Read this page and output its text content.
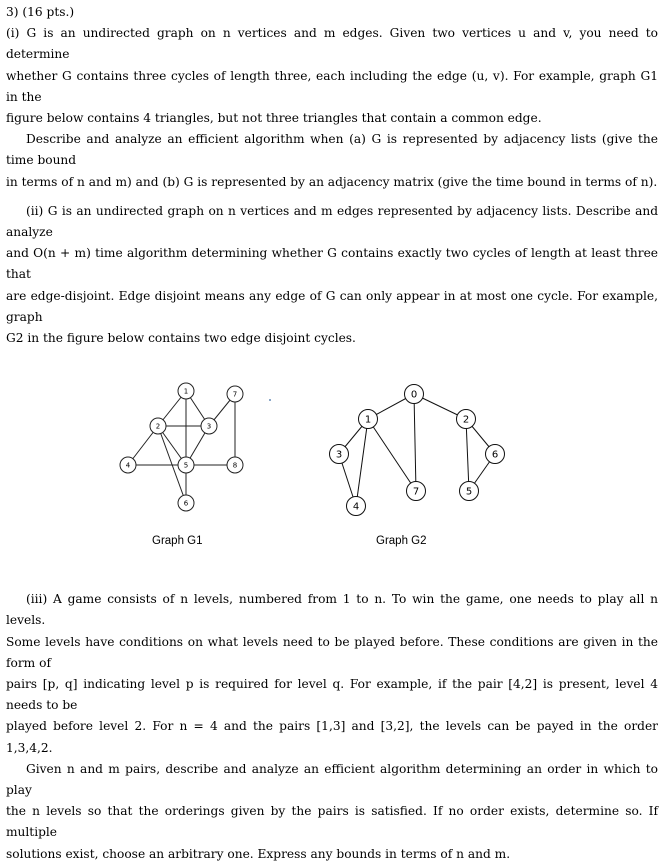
3) (16 pts.)

(i) G is an undirected graph on n vertices and m edges. Given two vertices u and v, you need to determine

whether G contains three cycles of length three, each including the edge (u, v). For example, graph G1 in the

figure below contains 4 triangles, but not three triangles that contain a common edge.

Describe and analyze an efficient algorithm when (a) G is represented by adjacency lists (give the time bound

in terms of n and m) and (b) G is represented by an adjacency matrix (give the time bound in terms of n).

(ii) G is an undirected graph on n vertices and m edges represented by adjacency lists. Describe and analyze

and O(n + m) time algorithm determining whether G contains exactly two cycles of length at least three that

are edge-disjoint. Edge disjoint means any edge of G can only appear in at most one cycle. For example, graph

G2 in the figure below contains two edge disjoint cycles.

1
2	3
4	5
6
7
8
0
1	2
3
4
5
6
7
Graph G1	Graph G2

(iii) A game consists of n levels, numbered from 1 to n. To win the game, one needs to play all n levels.

Some levels have conditions on what levels need to be played before. These conditions are given in the form of

pairs [p, q] indicating level p is required for level q. For example, if the pair [4,2] is present, level 4 needs to be

played before level 2. For n = 4 and the pairs [1,3] and [3,2], the levels can be payed in the order 1,3,4,2.

Given n and m pairs, describe and analyze an efficient algorithm determining an order in which to play

the n levels so that the orderings given by the pairs is satisfied. If no order exists, determine so. If multiple

solutions exist, choose an arbitrary one. Express any bounds in terms of n and m.
